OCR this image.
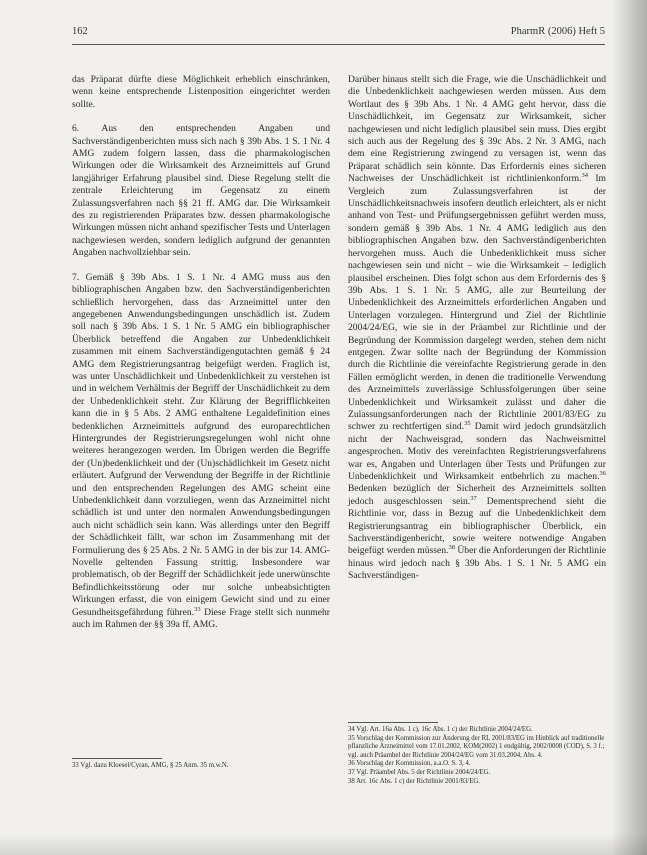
162	PharmR (2006) Heft 5

das Präparat dürfte diese Möglichkeit erheblich einschränken, wenn keine entsprechende Listenposition eingerichtet werden sollte.

6. Aus den entsprechenden Angaben und Sachverständigenberichten muss sich nach § 39b Abs. 1 S. 1 Nr. 4 AMG zudem folgern lassen, dass die pharmakologischen Wirkungen oder die Wirksamkeit des Arzneimittels auf Grund langjähriger Erfahrung plausibel sind. Diese Regelung stellt die zentrale Erleichterung im Gegensatz zu einem Zulassungsverfahren nach §§ 21 ff. AMG dar. Die Wirksamkeit des zu registrierenden Präparates bzw. dessen pharmakologische Wirkungen müssen nicht anhand spezifischer Tests und Unterlagen nachgewiesen werden, sondern lediglich aufgrund der genannten Angaben nachvollziehbar sein.

7. Gemäß § 39b Abs. 1 S. 1 Nr. 4 AMG muss aus den bibliographischen Angaben bzw. den Sachverständigenberichten schließlich hervorgehen, dass das Arzneimittel unter den angegebenen Anwendungsbedingungen unschädlich ist. Zudem soll nach § 39b Abs. 1 S. 1 Nr. 5 AMG ein bibliographischer Überblick betreffend die Angaben zur Unbedenklichkeit zusammen mit einem Sachverständigengutachten gemäß § 24 AMG dem Registrierungsantrag beigefügt werden. Fraglich ist, was unter Unschädlichkeit und Unbedenklichkeit zu verstehen ist und in welchem Verhältnis der Begriff der Unschädlichkeit zu dem der Unbedenklichkeit steht. Zur Klärung der Begrifflichkeiten kann die in § 5 Abs. 2 AMG enthaltene Legaldefinition eines bedenklichen Arzneimittels aufgrund des europarechtlichen Hintergrundes der Registrierungsregelungen wohl nicht ohne weiteres herangezogen werden. Im Übrigen werden die Begriffe der (Un)bedenklichkeit und der (Un)schädlichkeit im Gesetz nicht erläutert. Aufgrund der Verwendung der Begriffe in der Richtlinie und den entsprechenden Regelungen des AMG scheint eine Unbedenklichkeit dann vorzuliegen, wenn das Arzneimittel nicht schädlich ist und unter den normalen Anwendungsbedingungen auch nicht schädlich sein kann. Was allerdings unter den Begriff der Schädlichkeit fällt, war schon im Zusammenhang mit der Formulierung des § 25 Abs. 2 Nr. 5 AMG in der bis zur 14. AMG-Novelle geltenden Fassung strittig. Insbesondere war problematisch, ob der Begriff der Schädlichkeit jede unerwünschte Befindlichkeitsstörung oder nur solche unbeabsichtigten Wirkungen erfasst, die von einigem Gewicht sind und zu einer Gesundheitsgefährdung führen.$^{33}$ Diese Frage stellt sich nunmehr auch im Rahmen der §§ 39a ff. AMG.

Darüber hinaus stellt sich die Frage, wie die Unschädlichkeit und die Unbedenklichkeit nachgewiesen werden müssen. Aus dem Wortlaut des § 39b Abs. 1 Nr. 4 AMG geht hervor, dass die Unschädlichkeit, im Gegensatz zur Wirksamkeit, sicher nachgewiesen und nicht lediglich plausibel sein muss. Dies ergibt sich auch aus der Regelung des § 39c Abs. 2 Nr. 3 AMG, nach dem eine Registrierung zwingend zu versagen ist, wenn das Präparat schädlich sein könnte. Das Erfordernis eines sicheren Nachweises der Unschädlichkeit ist richtlinienkonform.$^{34}$ Im Vergleich zum Zulassungsverfahren ist der Unschädlichkeitsnachweis insofern deutlich erleichtert, als er nicht anhand von Test- und Prüfungsergebnissen geführt werden muss, sondern gemäß § 39b Abs. 1 Nr. 4 AMG lediglich aus den bibliographischen Angaben bzw. den Sachverständigenberichten hervorgehen muss. Auch die Unbedenklichkeit muss sicher nachgewiesen sein und nicht – wie die Wirksamkeit – lediglich plausibel erscheinen. Dies folgt schon aus dem Erfordernis des § 39b Abs. 1 S. 1 Nr. 5 AMG, alle zur Beurteilung der Unbedenklichkeit des Arzneimittels erforderlichen Angaben und Unterlagen vorzulegen. Hintergrund und Ziel der Richtlinie 2004/24/EG, wie sie in der Präambel zur Richtlinie und der Begründung der Kommission dargelegt werden, stehen dem nicht entgegen. Zwar sollte nach der Begründung der Kommission durch die Richtlinie die vereinfachte Registrierung gerade in den Fällen ermöglicht werden, in denen die traditionelle Verwendung des Arzneimittels zuverlässige Schlussfolgerungen über seine Unbedenklichkeit und Wirksamkeit zulässt und daher die Zulassungsanforderungen nach der Richtlinie 2001/83/EG zu schwer zu rechtfertigen sind.$^{35}$ Damit wird jedoch grundsätzlich nicht der Nachweisgrad, sondern das Nachweismittel angesprochen. Motiv des vereinfachten Registrierungsverfahrens war es, Angaben und Unterlagen über Tests und Prüfungen zur Unbedenklichkeit und Wirksamkeit entbehrlich zu machen.$^{36}$ Bedenken bezüglich der Sicherheit des Arzneimittels sollten jedoch ausgeschlossen sein.$^{37}$ Dementsprechend sieht die Richtlinie vor, dass in Bezug auf die Unbedenklichkeit dem Registrierungsantrag ein bibliographischer Überblick, ein Sachverständigenbericht, sowie weitere notwendige Angaben beigefügt werden müssen.$^{38}$ Über die Anforderungen der Richtlinie hinaus wird jedoch nach § 39b Abs. 1 S. 1 Nr. 5 AMG ein Sachverständigen-

33 Vgl. dazu Kloesel/Cyran, AMG, § 25 Anm. 35 m.w.N.

34 Vgl. Art. 16a Abs. 1 c), 16c Abs. 1 c) der Richtlinie 2004/24/EG.

35 Vorschlag der Kommission zur Änderung der RL 2001/83/EG im Hinblick auf traditionelle pflanzliche Arzneimittel vom 17.01.2002, KOM(2002) 1 endgültig, 2002/0008 (COD), S. 3 f.; vgl. auch Präambel der Richtlinie 2004/24/EG vom 31.03.2004, Abs. 4.

36 Vorschlag der Kommission, a.a.O. S. 3, 4.

37 Vgl. Präambel Abs. 5 der Richtlinie 2004/24/EG.

38 Art. 16c Abs. 1 c) der Richtlinie 2001/83/EG.
